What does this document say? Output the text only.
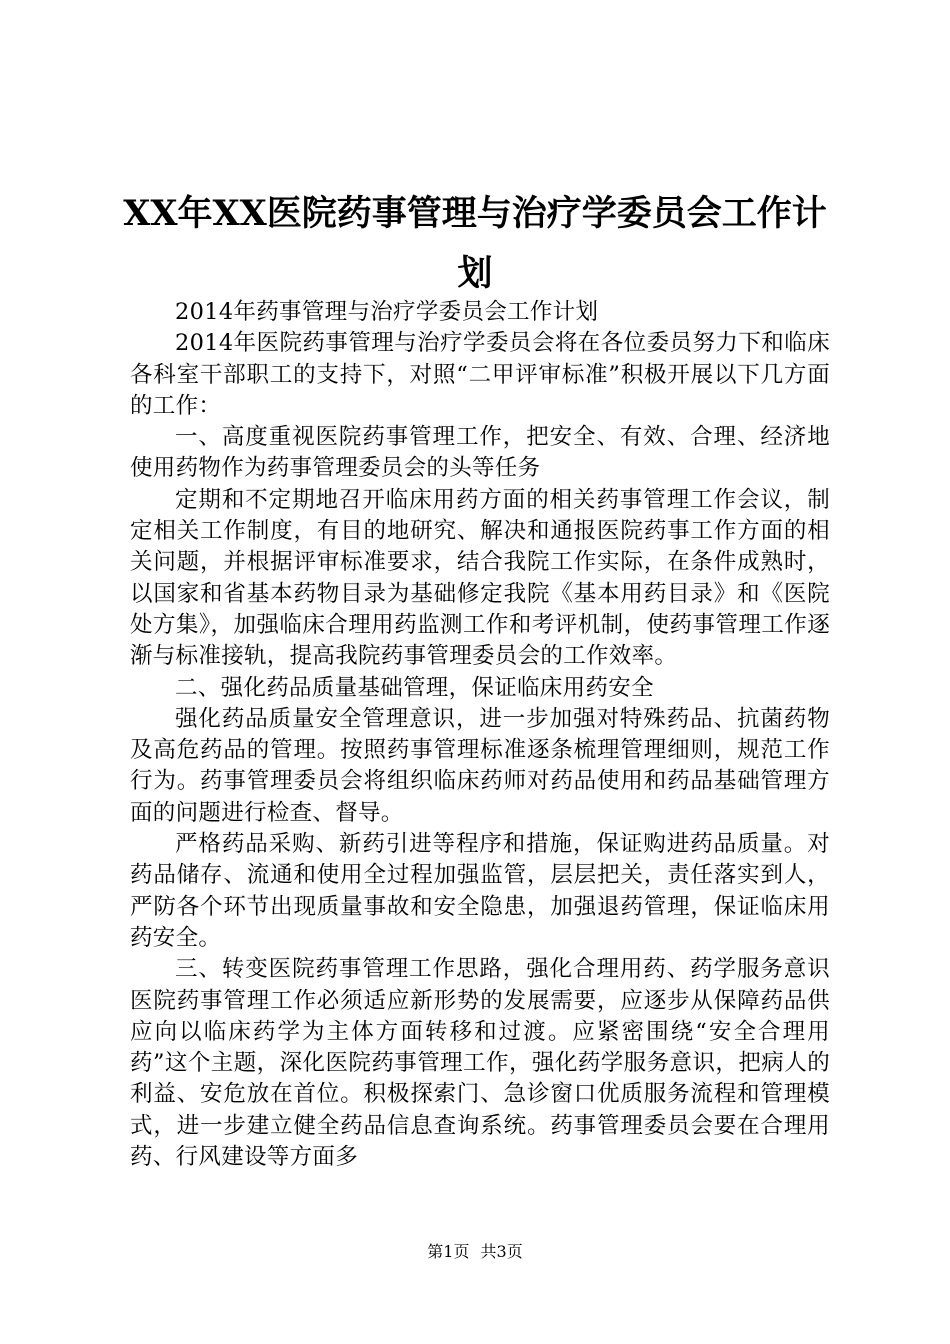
XX年XX医院药事管理与治疗学委员会工作计
划

2014年药事管理与治疗学委员会工作计划

2014年医院药事管理与治疗学委员会将在各位委员努力下和临床各科室干部职工的支持下，对照“二甲评审标准”积极开展以下几方面的工作：

一、高度重视医院药事管理工作，把安全、有效、合理、经济地使用药物作为药事管理委员会的头等任务

定期和不定期地召开临床用药方面的相关药事管理工作会议，制定相关工作制度，有目的地研究、解决和通报医院药事工作方面的相关问题，并根据评审标准要求，结合我院工作实际，在条件成熟时，以国家和省基本药物目录为基础修定我院《基本用药目录》和《医院处方集》，加强临床合理用药监测工作和考评机制，使药事管理工作逐渐与标准接轨，提高我院药事管理委员会的工作效率。

二、强化药品质量基础管理，保证临床用药安全

强化药品质量安全管理意识，进一步加强对特殊药品、抗菌药物及高危药品的管理。按照药事管理标准逐条梳理管理细则，规范工作行为。药事管理委员会将组织临床药师对药品使用和药品基础管理方面的问题进行检查、督导。

严格药品采购、新药引进等程序和措施，保证购进药品质量。对药品储存、流通和使用全过程加强监管，层层把关，责任落实到人，严防各个环节出现质量事故和安全隐患，加强退药管理，保证临床用药安全。

三、转变医院药事管理工作思路，强化合理用药、药学服务意识医院药事管理工作必须适应新形势的发展需要，应逐步从保障药品供应向以临床药学为主体方面转移和过渡。应紧密围绕“安全合理用药”这个主题，深化医院药事管理工作，强化药学服务意识，把病人的利益、安危放在首位。积极探索门、急诊窗口优质服务流程和管理模式，进一步建立健全药品信息查询系统。药事管理委员会要在合理用药、行风建设等方面多

第1页 共3页
